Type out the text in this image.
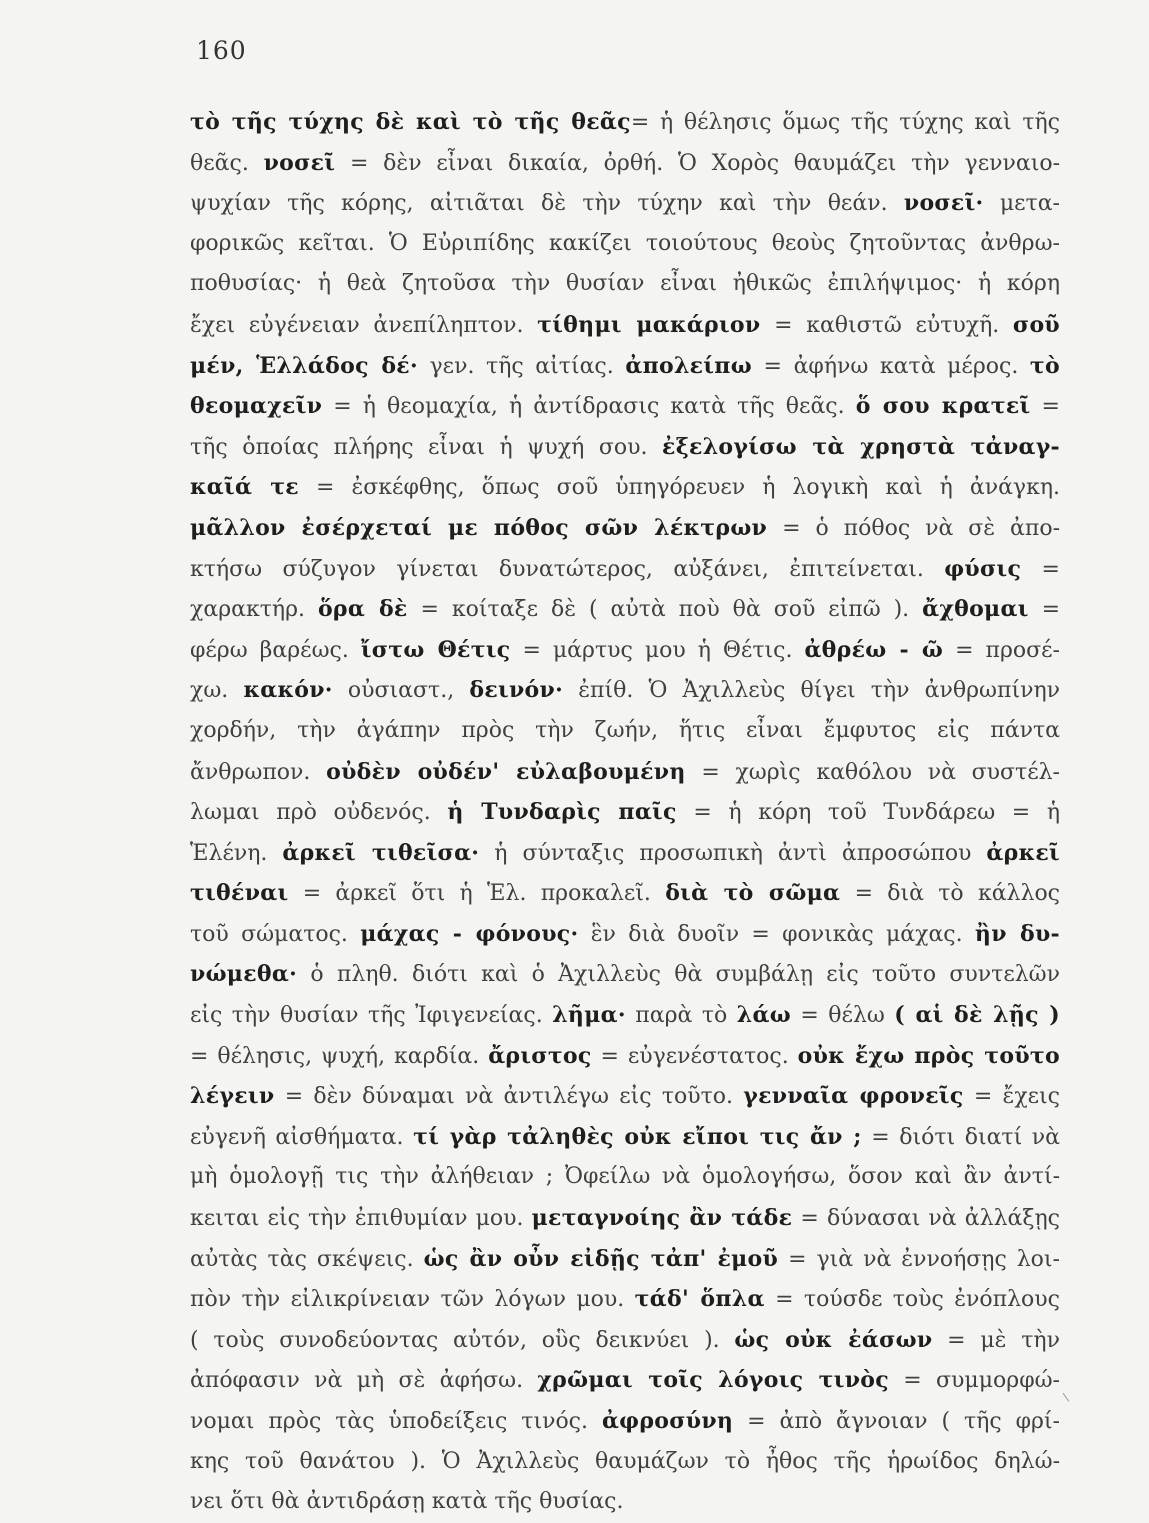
160
τὸ τῆς τύχης δὲ καὶ τὸ τῆς θεᾶς= ἡ θέλησις ὅμως τῆς τύχης καὶ τῆς
θεᾶς. νοσεῖ = δὲν εἶναι δικαία, ὀρθή. Ὁ Χορὸς θαυμάζει τὴν γενναιο-
ψυχίαν τῆς κόρης, αἰτιᾶται δὲ τὴν τύχην καὶ τὴν θεάν. νοσεῖ· μετα-
φορικῶς κεῖται. Ὁ Εὐριπίδης κακίζει τοιούτους θεοὺς ζητοῦντας ἀνθρω-
ποθυσίας· ἡ θεὰ ζητοῦσα τὴν θυσίαν εἶναι ἠθικῶς ἐπιλήψιμος· ἡ κόρη
ἔχει εὐγένειαν ἀνεπίληπτον. τίθημι μακάριον = καθιστῶ εὐτυχῆ. σοῦ
μέν, Ἑλλάδος δέ· γεν. τῆς αἰτίας. ἀπολείπω = ἀφήνω κατὰ μέρος. τὸ
θεομαχεῖν = ἡ θεομαχία, ἡ ἀντίδρασις κατὰ τῆς θεᾶς. ὅ σου κρατεῖ =
τῆς ὁποίας πλήρης εἶναι ἡ ψυχή σου. ἐξελογίσω τὰ χρηστὰ τἀναγ-
καῖά τε = ἐσκέφθης, ὅπως σοῦ ὑπηγόρευεν ἡ λογικὴ καὶ ἡ ἀνάγκη.
μᾶλλον ἐσέρχεταί με πόθος σῶν λέκτρων = ὁ πόθος νὰ σὲ ἀπο-
κτήσω σύζυγον γίνεται δυνατώτερος, αὐξάνει, ἐπιτείνεται. φύσις =
χαρακτήρ. ὅρα δὲ = κοίταξε δὲ ( αὐτὰ ποὺ θὰ σοῦ εἰπῶ ). ἄχθομαι =
φέρω βαρέως. ἴστω Θέτις = μάρτυς μου ἡ Θέτις. ἀθρέω - ῶ = προσέ-
χω. κακόν· οὐσιαστ., δεινόν· ἐπίθ. Ὁ Ἀχιλλεὺς θίγει τὴν ἀνθρωπίνην
χορδήν, τὴν ἀγάπην πρὸς τὴν ζωήν, ἥτις εἶναι ἔμφυτος εἰς πάντα
ἄνθρωπον. οὐδὲν οὐδέν' εὐλαβουμένη = χωρὶς καθόλου νὰ συστέλ-
λωμαι πρὸ οὐδενός. ἡ Τυνδαρὶς παῖς = ἡ κόρη τοῦ Τυνδάρεω = ἡ
Ἑλένη. ἀρκεῖ τιθεῖσα· ἡ σύνταξις προσωπικὴ ἀντὶ ἀπροσώπου ἀρκεῖ
τιθέναι = ἀρκεῖ ὅτι ἡ Ἑλ. προκαλεῖ. διὰ τὸ σῶμα = διὰ τὸ κάλλος
τοῦ σώματος. μάχας - φόνους· ἓν διὰ δυοῖν = φονικὰς μάχας. ἢν δυ-
νώμεθα· ὁ πληθ. διότι καὶ ὁ Ἀχιλλεὺς θὰ συμβάλῃ εἰς τοῦτο συντελῶν
εἰς τὴν θυσίαν τῆς Ἰφιγενείας. λῆμα· παρὰ τὸ λάω = θέλω ( αἱ δὲ λῇς )
= θέλησις, ψυχή, καρδία. ἄριστος = εὐγενέστατος. οὐκ ἔχω πρὸς τοῦτο
λέγειν = δὲν δύναμαι νὰ ἀντιλέγω εἰς τοῦτο. γενναῖα φρονεῖς = ἔχεις
εὐγενῆ αἰσθήματα. τί γὰρ τἀληθὲς οὐκ εἴποι τις ἄν ; = διότι διατί νὰ
μὴ ὁμολογῇ τις τὴν ἀλήθειαν ; Ὀφείλω νὰ ὁμολογήσω, ὅσον καὶ ἂν ἀντί-
κειται εἰς τὴν ἐπιθυμίαν μου. μεταγνοίης ἂν τάδε = δύνασαι νὰ ἀλλάξῃς
αὐτὰς τὰς σκέψεις. ὡς ἂν οὖν εἰδῇς τἀπ' ἐμοῦ = γιὰ νὰ ἐννοήσῃς λοι-
πὸν τὴν εἰλικρίνειαν τῶν λόγων μου. τάδ' ὅπλα = τούσδε τοὺς ἐνόπλους
( τοὺς συνοδεύοντας αὐτόν, οὓς δεικνύει ). ὡς οὐκ ἐάσων = μὲ τὴν
ἀπόφασιν νὰ μὴ σὲ ἀφήσω. χρῶμαι τοῖς λόγοις τινὸς = συμμορφώ-
νομαι πρὸς τὰς ὑποδείξεις τινός. ἀφροσύνη = ἀπὸ ἄγνοιαν ( τῆς φρί-
κης τοῦ θανάτου ). Ὁ Ἀχιλλεὺς θαυμάζων τὸ ἦθος τῆς ἡρωίδος δηλώ-
νει ὅτι θὰ ἀντιδράσῃ κατὰ τῆς θυσίας.
